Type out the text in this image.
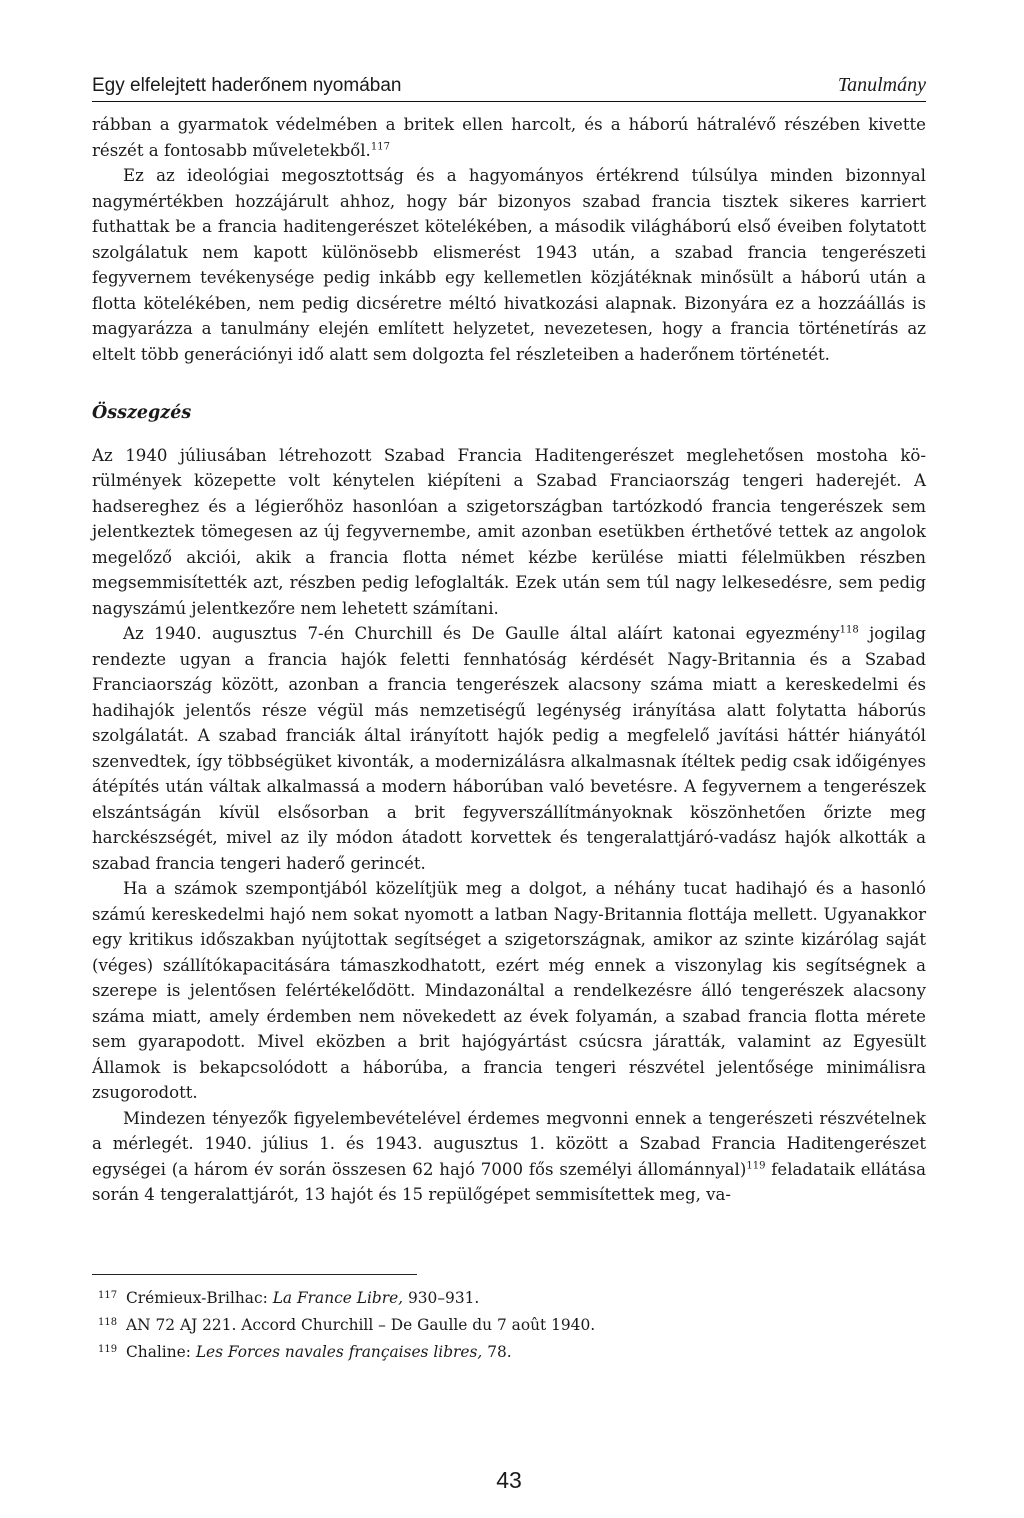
Egy elfelejtett haderőnem nyomában	Tanulmány

rábban a gyarmatok védelmében a britek ellen harcolt, és a háború hátralévő részében kivette részét a fontosabb műveletekből.$^{117}$

Ez az ideológiai megosztottság és a hagyományos értékrend túlsúlya minden bizonnyal nagymértékben hozzájárult ahhoz, hogy bár bizonyos szabad francia tisztek sikeres karriert futhattak be a francia haditengerészet kötelékében, a második világháború első éveiben folytatott szolgálatuk nem kapott különösebb elismerést 1943 után, a szabad francia tengerészeti fegyvernem tevékenysége pedig inkább egy kellemetlen közjátéknak minősült a háború után a flotta kötelékében, nem pedig dicséretre méltó hivatkozási alapnak. Bizonyára ez a hozzáállás is magyarázza a tanulmány elején említett helyzetet, nevezetesen, hogy a francia történetírás az eltelt több generációnyi idő alatt sem dolgozta fel részleteiben a haderőnem történetét.

Összegzés

Az 1940 júliusában létrehozott Szabad Francia Haditengerészet meglehetősen mostoha körülmények közepette volt kénytelen kiépíteni a Szabad Franciaország tengeri haderejét. A hadsereghez és a légierőhöz hasonlóan a szigetországban tartózkodó francia tengerészek sem jelentkeztek tömegesen az új fegyvernembe, amit azonban esetükben érthetővé tettek az angolok megelőző akciói, akik a francia flotta német kézbe kerülése miatti félelmükben részben megsemmisítették azt, részben pedig lefoglalták. Ezek után sem túl nagy lelkesedésre, sem pedig nagyszámú jelentkezőre nem lehetett számítani.

Az 1940. augusztus 7-én Churchill és De Gaulle által aláírt katonai egyezmény$^{118}$ jogilag rendezte ugyan a francia hajók feletti fennhatóság kérdését Nagy-Britannia és a Szabad Franciaország között, azonban a francia tengerészek alacsony száma miatt a kereskedelmi és hadihajók jelentős része végül más nemzetiségű legénység irányítása alatt folytatta háborús szolgálatát. A szabad franciák által irányított hajók pedig a megfelelő javítási háttér hiányától szenvedtek, így többségüket kivonták, a modernizálásra alkalmasnak ítéltek pedig csak időigényes átépítés után váltak alkalmassá a modern háborúban való bevetésre. A fegyvernem a tengerészek elszántságán kívül elsősorban a brit fegyverszállítmányoknak köszönhetően őrizte meg harckészségét, mivel az ily módon átadott korvettek és tengeralattjáró-vadász hajók alkották a szabad francia tengeri haderő gerincét.

Ha a számok szempontjából közelítjük meg a dolgot, a néhány tucat hadihajó és a hasonló számú kereskedelmi hajó nem sokat nyomott a latban Nagy-Britannia flottája mellett. Ugyanakkor egy kritikus időszakban nyújtottak segítséget a szigetországnak, amikor az szinte kizárólag saját (véges) szállítókapacitására támaszkodhatott, ezért még ennek a viszonylag kis segítségnek a szerepe is jelentősen felértékelődött. Mindazonáltal a rendelkezésre álló tengerészek alacsony száma miatt, amely érdemben nem növekedett az évek folyamán, a szabad francia flotta mérete sem gyarapodott. Mivel eközben a brit hajógyártást csúcsra járatták, valamint az Egyesült Államok is bekapcsolódott a háborúba, a francia tengeri részvétel jelentősége minimálisra zsugorodott.

Mindezen tényezők figyelembevételével érdemes megvonni ennek a tengerészeti részvételnek a mérlegét. 1940. július 1. és 1943. augusztus 1. között a Szabad Francia Haditengerészet egységei (a három év során összesen 62 hajó 7000 fős személyi állománnyal)$^{119}$ feladataik ellátása során 4 tengeralattjárót, 13 hajót és 15 repülőgépet semmisítettek meg, va-

117 Crémieux-Brilhac: La France Libre, 930–931.
118 AN 72 AJ 221. Accord Churchill – De Gaulle du 7 août 1940.
119 Chaline: Les Forces navales françaises libres, 78.
43
